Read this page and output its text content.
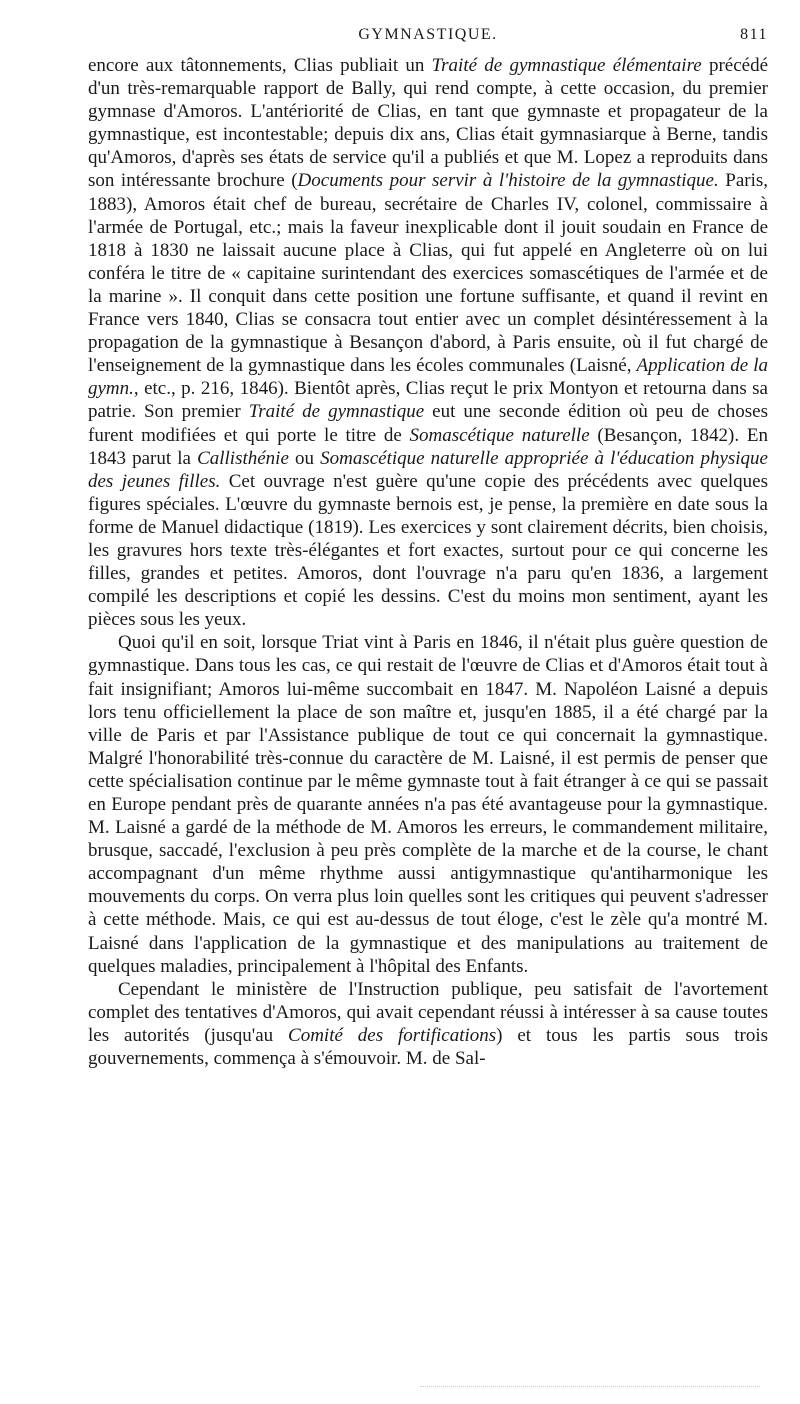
GYMNASTIQUE.	811

encore aux tâtonnements, Clias publiait un Traité de gymnastique élémentaire précédé d'un très-remarquable rapport de Bally, qui rend compte, à cette occasion, du premier gymnase d'Amoros. L'antériorité de Clias, en tant que gymnaste et propagateur de la gymnastique, est incontestable; depuis dix ans, Clias était gymnasiarque à Berne, tandis qu'Amoros, d'après ses états de service qu'il a publiés et que M. Lopez a reproduits dans son intéressante brochure (Documents pour servir à l'histoire de la gymnastique. Paris, 1883), Amoros était chef de bureau, secrétaire de Charles IV, colonel, commissaire à l'armée de Portugal, etc.; mais la faveur inexplicable dont il jouit soudain en France de 1818 à 1830 ne laissait aucune place à Clias, qui fut appelé en Angleterre où on lui conféra le titre de « capitaine surintendant des exercices somascétiques de l'armée et de la marine ». Il conquit dans cette position une fortune suffisante, et quand il revint en France vers 1840, Clias se consacra tout entier avec un complet désintéressement à la propagation de la gymnastique à Besançon d'abord, à Paris ensuite, où il fut chargé de l'enseignement de la gymnastique dans les écoles communales (Laisné, Application de la gymn., etc., p. 216, 1846). Bientôt après, Clias reçut le prix Montyon et retourna dans sa patrie. Son premier Traité de gymnastique eut une seconde édition où peu de choses furent modifiées et qui porte le titre de Somascétique naturelle (Besançon, 1842). En 1843 parut la Callisthénie ou Somascétique naturelle appropriée à l'éducation physique des jeunes filles. Cet ouvrage n'est guère qu'une copie des précédents avec quelques figures spéciales. L'œuvre du gymnaste bernois est, je pense, la première en date sous la forme de Manuel didactique (1819). Les exercices y sont clairement décrits, bien choisis, les gravures hors texte très-élégantes et fort exactes, surtout pour ce qui concerne les filles, grandes et petites. Amoros, dont l'ouvrage n'a paru qu'en 1836, a largement compilé les descriptions et copié les dessins. C'est du moins mon sentiment, ayant les pièces sous les yeux.

Quoi qu'il en soit, lorsque Triat vint à Paris en 1846, il n'était plus guère question de gymnastique. Dans tous les cas, ce qui restait de l'œuvre de Clias et d'Amoros était tout à fait insignifiant; Amoros lui-même succombait en 1847. M. Napoléon Laisné a depuis lors tenu officiellement la place de son maître et, jusqu'en 1885, il a été chargé par la ville de Paris et par l'Assistance publique de tout ce qui concernait la gymnastique. Malgré l'honorabilité très-connue du caractère de M. Laisné, il est permis de penser que cette spécialisation continue par le même gymnaste tout à fait étranger à ce qui se passait en Europe pendant près de quarante années n'a pas été avantageuse pour la gymnastique. M. Laisné a gardé de la méthode de M. Amoros les erreurs, le commandement militaire, brusque, saccadé, l'exclusion à peu près complète de la marche et de la course, le chant accompagnant d'un même rhythme aussi antigymnastique qu'antiharmonique les mouvements du corps. On verra plus loin quelles sont les critiques qui peuvent s'adresser à cette méthode. Mais, ce qui est au-dessus de tout éloge, c'est le zèle qu'a montré M. Laisné dans l'application de la gymnastique et des manipulations au traitement de quelques maladies, principalement à l'hôpital des Enfants.

Cependant le ministère de l'Instruction publique, peu satisfait de l'avortement complet des tentatives d'Amoros, qui avait cependant réussi à intéresser à sa cause toutes les autorités (jusqu'au Comité des fortifications) et tous les partis sous trois gouvernements, commença à s'émouvoir. M. de Sal-
